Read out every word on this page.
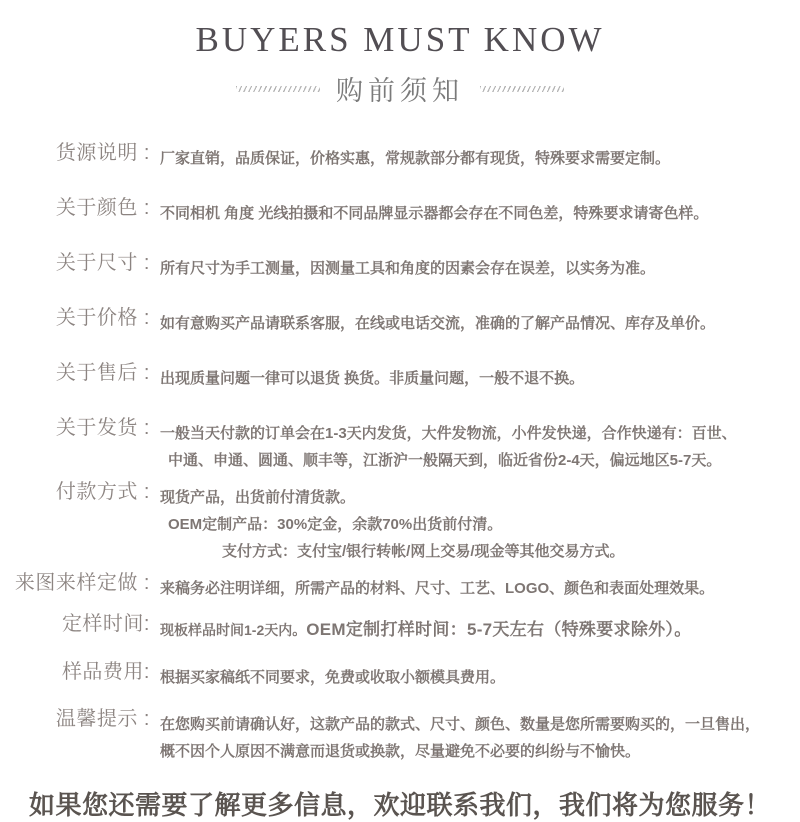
BUYERS MUST KNOW
购前须知
货源说明 : 厂家直销，品质保证，价格实惠，常规款部分都有现货，特殊要求需要定制。
关于颜色 : 不同相机 角度 光线拍摄和不同品牌显示器都会存在不同色差，特殊要求请寄色样。
关于尺寸 : 所有尺寸为手工测量，因测量工具和角度的因素会存在误差，以实务为准。
关于价格 : 如有意购买产品请联系客服，在线或电话交流，准确的了解产品情况、库存及单价。
关于售后 : 出现质量问题一律可以退货 换货。非质量问题，一般不退不换。
关于发货 : 一般当天付款的订单会在1-3天内发货，大件发物流，小件发快递，合作快递有：百世、
中通、申通、圆通、顺丰等，江浙沪一般隔天到，临近省份2-4天，偏远地区5-7天。
付款方式 : 现货产品，出货前付清货款。
OEM定制产品：30%定金，余款70%出货前付清。
支付方式：支付宝/银行转帐/网上交易/现金等其他交易方式。
来图来样定做 : 来稿务必注明详细，所需产品的材料、尺寸、工艺、LOGO、颜色和表面处理效果。
定样时间: 现板样品时间1-2天内。OEM定制打样时间：5-7天左右（特殊要求除外）。
样品费用: 根据买家稿纸不同要求，免费或收取小额模具费用。
温馨提示 : 在您购买前请确认好，这款产品的款式、尺寸、颜色、数量是您所需要购买的，一旦售出，
概不因个人原因不满意而退货或换款，尽量避免不必要的纠纷与不愉快。
如果您还需要了解更多信息，欢迎联系我们，我们将为您服务！
